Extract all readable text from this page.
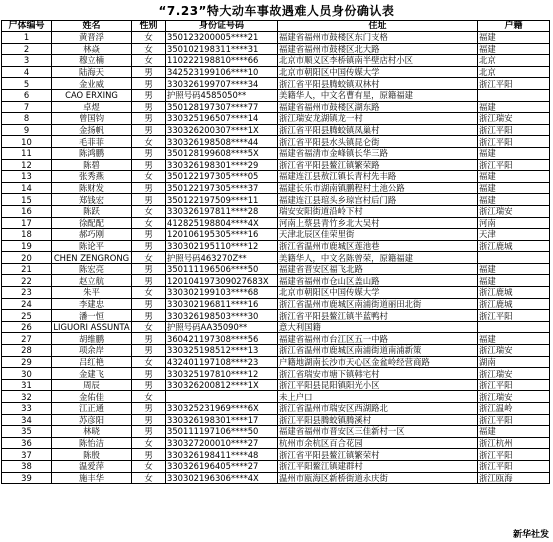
“7.23”特大动车事故遇难人员身份确认表
尸体编号	姓名	性别	身份证号码	住址	户籍
1	黄晋浮	女	350123200005****21	福建省福州市鼓楼区东门支格	福建
2	林焱	女	350102198311****31	福建省福州市鼓楼区北大路	福建
3	穆立楠	女	110222198810****66	北京市顺义区李桥镇南半壁店村小区	北京
4	陆海天	男	342523199106****10	北京市朝阳区中国传媒大学	北京
5	金业威	男	330326199707****34	浙江省平阳县腾蛟镇双林村	浙江平阳
6	CAO ERXING	男	护照号码4585050**	美籍华人，中文名曹有星，原籍福建	
7	卓煜	男	350128197307****77	福建省福州市鼓楼区湖东路	福建
8	曾国钧	男	330325196507****14	浙江瑞安龙湖镇龙一村	浙江瑞安
9	金扬帆	男	330326200307****1X	浙江省平阳县腾蛟镇凤巢村	浙江平阳
10	毛菲菲	女	330326198508****44	浙江省平阳县水头镇昆仑街	浙江平阳
11	陈鸿鹏	男	350128199608****5X	福建省福清市金峰镇长华三路	福建
12	陈碧	男	330326198301****29	浙江省平阳县鳌江镇繁荣路	浙江平阳
13	张秀燕	女	350122197305****05	福建连江县敖江镇长青村先丰路	福建
14	陈财发	男	350122197305****37	福建长乐市湖南镇鹏程村土池公路	福建
15	郑钱宏	男	350122197509****11	福建连江县琯头乡琼宫村后门路	福建
16	陈跃	女	330326197811****28	瑞安安阳街道沿岭下村	浙江瑞安
17	徐配配	女	412825198804****4X	河南上蔡县青竹乡北大吴村	河南
18	郝巧刚	男	120106195305****16	天津北辰区佳荣里街	天津
19	陈论平	男	330302195110****12	浙江省温州市鹿城区莲池巷	浙江鹿城
20	CHEN ZENGRONG	女	护照号码463270Z**	美籍华人，中文名陈曾荣，原籍福建	
21	陈宏亮	男	350111196506****50	福建省晋安区福飞北路	福建
22	赵立航	男	120104197309027683X	福建省福州市仓山区盖山路	福建
23	朱平	女	330302199103****68	北京市朝阳区中国传媒大学	浙江鹿城
24	李建忠	男	330302196811****16	浙江省温州市鹿城区南浦街道丽田北街	浙江鹿城
25	潘一恒	男	330326198503****30	浙江省平阳县鳌江镇半蓝鸭村	浙江平阳
26	LIGUORI ASSUNTA	女	护照号码AA35090**	意大利国籍	
27	胡维鹏	男	360421197308****56	福建省福州市台江区五一中路	福建
28	项余岸	男	330325198512****13	浙江省温州市鹿城区南浦街道南浦新策	浙江瑞安
29	吕红艳	女	432401197108****23	户籍地湖南长沙市天心区金盆岭经营商路	湖南
30	金建飞	男	330325197810****12	浙江省瑞安市塘下镇韩宅村	浙江瑞安
31	周辰	男	330326200812****1X	浙江平阳县昆阳镇阳光小区	浙江平阳
32	金佑佳	女		未上户口	浙江瑞安
33	江正通	男	330325231969****6X	浙江省温州市瑞安区西湖路北	浙江温岭
34	苏彦阳	男	330326198301****17	浙江平阳县腾蛟镇腾溪村	浙江平阳
35	林晓	男	350111197106****50	福建省福州市晋安区三佳新村一区	福建
36	陈怡洁	女	330327200010****27	杭州市余杭区百合花园	浙江杭州
37	陈殷	男	330326198411****48	浙江省平阳县鳌江镇繁荣村	浙江平阳
38	温爱萍	女	330326196405****27	浙江平阳鳌江镇建群村	浙江平阳
39	施丰华	女	330302196306****4X	温州市瓯海区新桥街道永庆街	浙江瓯海
新华社发
